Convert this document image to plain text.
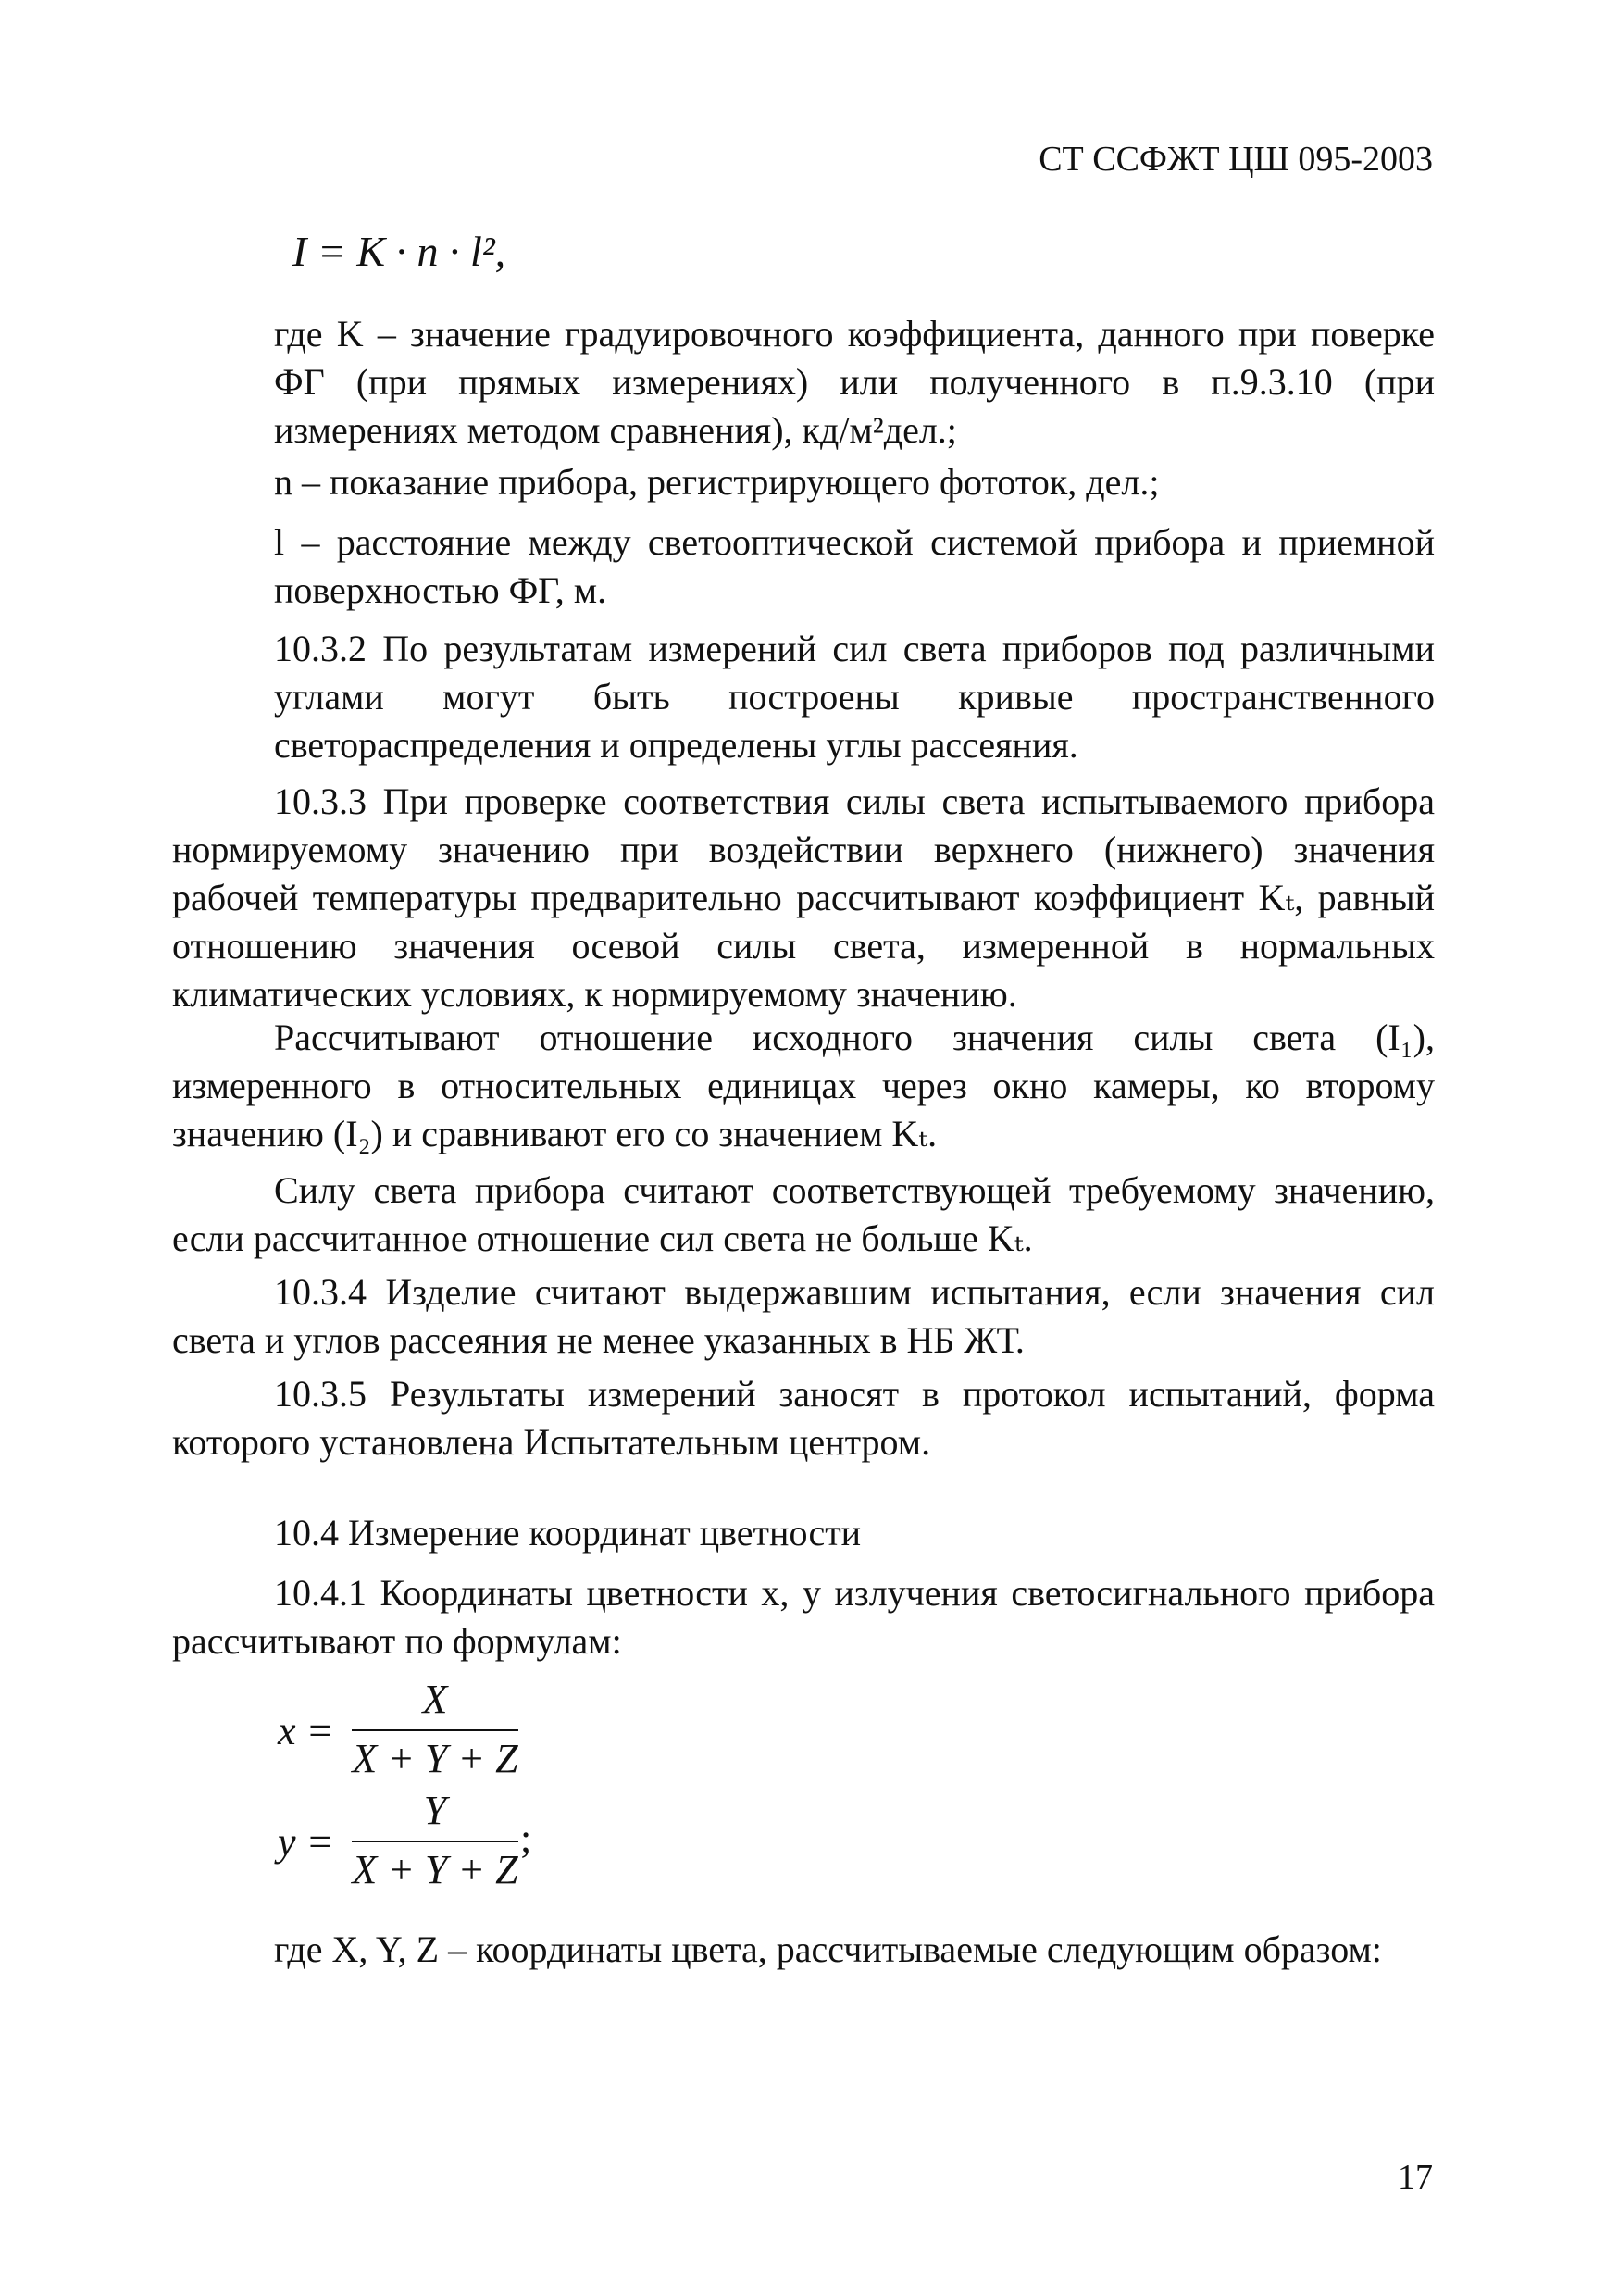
СТ ССФЖТ ЦШ 095-2003
I = K · n · l²,
где K – значение градуировочного коэффициента, данного при поверке ФГ (при прямых измерениях) или полученного в п.9.3.10 (при измерениях методом сравнения), кд/м²дел.;
n – показание прибора, регистрирующего фототок, дел.;
l – расстояние между светооптической системой прибора и приемной поверхностью ФГ, м.
10.3.2 По результатам измерений сил света приборов под различными углами могут быть построены кривые пространственного светораспределения и определены углы рассеяния.
10.3.3 При проверке соответствия силы света испытываемого прибора нормируемому значению при воздействии верхнего (нижнего) значения рабочей температуры предварительно рассчитывают коэффициент Kₜ, равный отношению значения осевой силы света, измеренной в нормальных климатических условиях, к нормируемому значению.
Рассчитывают отношение исходного значения силы света (I₁), измеренного в относительных единицах через окно камеры, ко второму значению (I₂) и сравнивают его со значением Kₜ.
Силу света прибора считают соответствующей требуемому значению, если рассчитанное отношение сил света не больше Kₜ.
10.3.4 Изделие считают выдержавшим испытания, если значения сил света и углов рассеяния не менее указанных в НБ ЖТ.
10.3.5 Результаты измерений заносят в протокол испытаний, форма которого установлена Испытательным центром.
10.4 Измерение координат цветности
10.4.1 Координаты цветности x, y излучения светосигнального прибора рассчитывают по формулам:
x =
X
X + Y + Z
y =
Y
X + Y + Z
;
где X, Y, Z – координаты цвета, рассчитываемые следующим образом:
17
